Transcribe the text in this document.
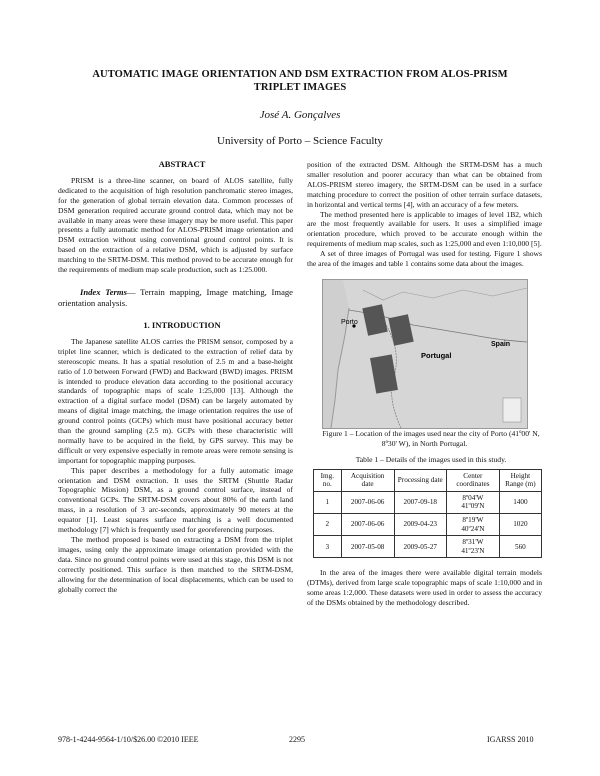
AUTOMATIC IMAGE ORIENTATION AND DSM EXTRACTION FROM ALOS-PRISM
TRIPLET IMAGES
José A. Gonçalves
University of Porto – Science Faculty

ABSTRACT

PRISM is a three-line scanner, on board of ALOS satellite, fully dedicated to the acquisition of high resolution panchromatic stereo images, for the generation of global terrain elevation data. Common processes of DSM generation required accurate ground control data, which may not be available in many areas were these imagery may be more useful. This paper presents a fully automatic method for ALOS-PRISM image orientation and DSM extraction without using conventional ground control points. It is based on the extraction of a relative DSM, which is adjusted by surface matching to the SRTM-DSM. This method proved to be accurate enough for the requirements of medium map scale production, such as 1:25.000.

Index Terms— Terrain mapping, Image matching, Image orientation analysis.

1. INTRODUCTION

The Japanese satellite ALOS carries the PRISM sensor, composed by a triplet line scanner, which is dedicated to the extraction of relief data by stereoscopic means. It has a spatial resolution of 2.5 m and a base-height ratio of 1.0 between Forward (FWD) and Backward (BWD) images. PRISM is intended to produce elevation data according to the positional accuracy standards of topographic maps of scale 1:25,000 [13]. Although the extraction of a digital surface model (DSM) can be largely automated by means of digital image matching, the image orientation requires the use of ground control points (GCPs) which must have positional accuracy better than the ground sampling (2.5 m). GCPs with these characteristic will normally have to be acquired in the field, by GPS survey. This may be difficult or very expensive especially in remote areas were remote sensing is important for topographic mapping purposes.

This paper describes a methodology for a fully automatic image orientation and DSM extraction. It uses the SRTM (Shuttle Radar Topographic Mission) DSM, as a ground control surface, instead of conventional GCPs. The SRTM-DSM covers about 80% of the earth land mass, in a resolution of 3 arc-seconds, approximately 90 meters at the equator [1]. Least squares surface matching is a well documented methodology [7] which is frequently used for georeferencing purposes.

The method proposed is based on extracting a DSM from the triplet images, using only the approximate image orientation provided with the data. Since no ground control points were used at this stage, this DSM is not correctly positioned. This surface is then matched to the SRTM-DSM, allowing for the determination of local displacements, which can be used to globally correct the

position of the extracted DSM. Although the SRTM-DSM has a much smaller resolution and poorer accuracy than what can be obtained from ALOS-PRISM stereo imagery, the SRTM-DSM can be used in a surface matching procedure to correct the position of other terrain surface datasets, in horizontal and vertical terms [4], with an accuracy of a few meters.

The method presented here is applicable to images of level 1B2, which are the most frequently available for users. It uses a simplified image orientation procedure, which proved to be accurate enough within the requirements of medium map scales, such as 1:25,000 and even 1:10,000 [5].

A set of three images of Portugal was used for testing. Figure 1 shows the area of the images and table 1 contains some data about the images.

Porto
Portugal
Spain

Figure 1 – Location of the images used near the city of Porto (41º00' N, 8º30' W), in North Portugal.

Table 1 – Details of the images used in this study.

Img. no.	Acquisition date	Processing date	Center coordinates	Height Range (m)
1	2007-06-06	2007-09-18	8º04'W
41º09'N	1400
2	2007-06-06	2009-04-23	8º19'W
40º24'N	1020
3	2007-05-08	2009-05-27	8º31'W
41º23'N	560

In the area of the images there were available digital terrain models (DTMs), derived from large scale topographic maps of scale 1:10,000 and in some areas 1:2,000. These datasets were used in order to assess the accuracy of the DSMs obtained by the methodology described.

978-1-4244-9564-1/10/$26.00 ©2010 IEEE	2295	IGARSS 2010
